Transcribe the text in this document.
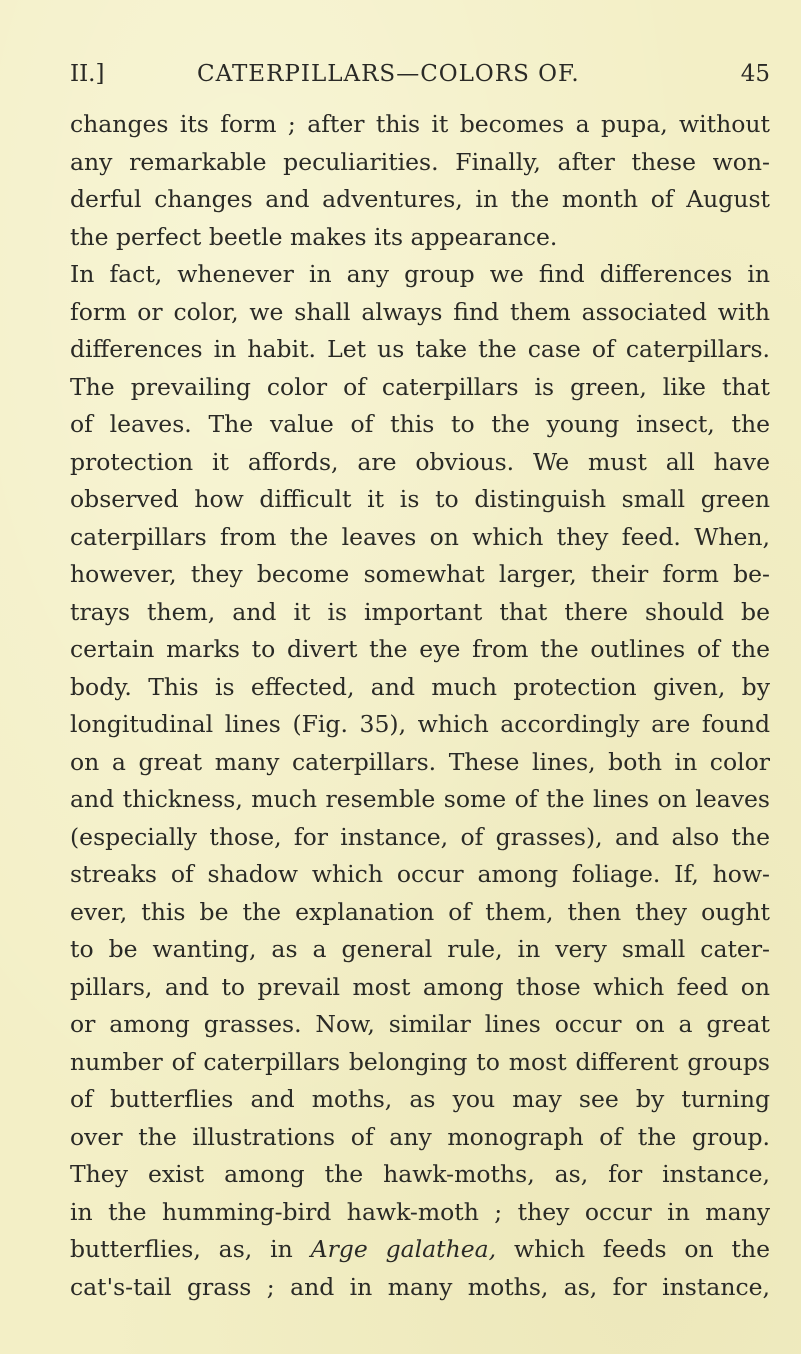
II.]	CATERPILLARS—COLORS OF.	45
changes its form ; after this it becomes a pupa, without
any remarkable peculiarities. Finally, after these won-
derful changes and adventures, in the month of August
the perfect beetle makes its appearance.
In fact, whenever in any group we find differences in
form or color, we shall always find them associated with
differences in habit. Let us take the case of caterpillars.
The prevailing color of caterpillars is green, like that
of leaves. The value of this to the young insect, the
protection it affords, are obvious. We must all have
observed how difficult it is to distinguish small green
caterpillars from the leaves on which they feed. When,
however, they become somewhat larger, their form be-
trays them, and it is important that there should be
certain marks to divert the eye from the outlines of the
body. This is effected, and much protection given, by
longitudinal lines (Fig. 35), which accordingly are found
on a great many caterpillars. These lines, both in color
and thickness, much resemble some of the lines on leaves
(especially those, for instance, of grasses), and also the
streaks of shadow which occur among foliage. If, how-
ever, this be the explanation of them, then they ought
to be wanting, as a general rule, in very small cater-
pillars, and to prevail most among those which feed on
or among grasses. Now, similar lines occur on a great
number of caterpillars belonging to most different groups
of butterflies and moths, as you may see by turning
over the illustrations of any monograph of the group.
They exist among the hawk-moths, as, for instance,
in the humming-bird hawk-moth ; they occur in many
butterflies, as, in Arge galathea, which feeds on the
cat's-tail grass ; and in many moths, as, for instance,
